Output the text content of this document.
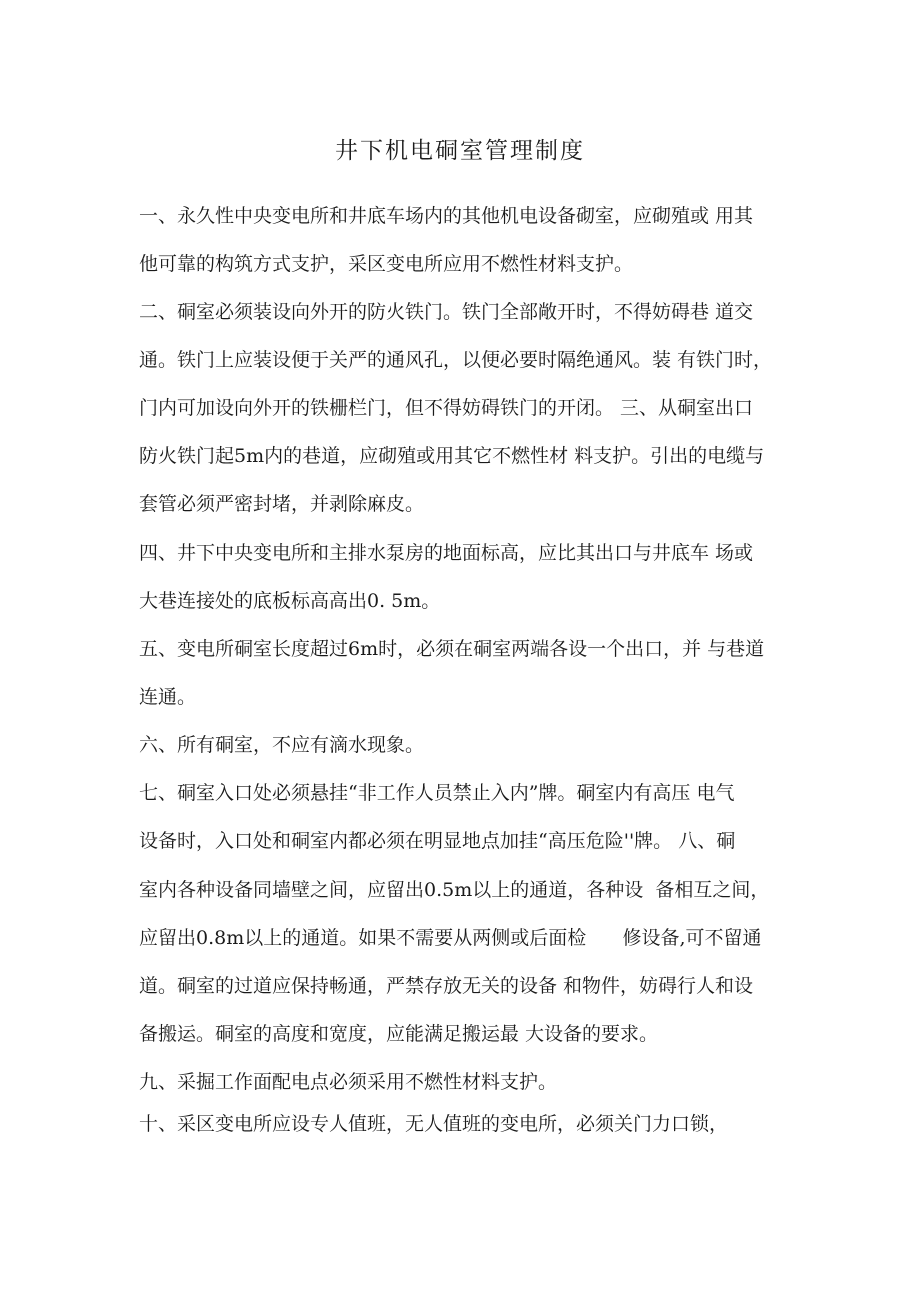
井下机电硐室管理制度

一、永久性中央变电所和井底车场内的其他机电设备砌室，应砌殖或 用其

他可靠的构筑方式支护，采区变电所应用不燃性材料支护。

二、硐室必须装设向外开的防火铁门。铁门全部敞开时，不得妨碍巷 道交

通。铁门上应装设便于关严的通风孔，以便必要时隔绝通风。装 有铁门时，

门内可加设向外开的铁栅栏门，但不得妨碍铁门的开闭。 三、从硐室出口

防火铁门起5m内的巷道，应砌殖或用其它不燃性材 料支护。引出的电缆与

套管必须严密封堵，并剥除麻皮。

四、井下中央变电所和主排水泵房的地面标高，应比其出口与井底车 场或

大巷连接处的底板标高高出0. 5m。

五、变电所硐室长度超过6m时，必须在硐室两端各设一个出口，并 与巷道

连通。

六、所有硐室，不应有滴水现象。

七、硐室入口处必须悬挂“非工作人员禁止入内”牌。硐室内有高压 电气

设备时，入口处和硐室内都必须在明显地点加挂“高压危险''牌。 八、硐

室内各种设备同墙壁之间，应留出0.5m以上的通道，各种设  备相互之间，

应留出0.8m以上的通道。如果不需要从两侧或后面检      修设备,可不留通

道。硐室的过道应保持畅通，严禁存放无关的设备 和物件，妨碍行人和设

备搬运。硐室的高度和宽度，应能满足搬运最 大设备的要求。

九、采掘工作面配电点必须采用不燃性材料支护。

十、采区变电所应设专人值班，无人值班的变电所，必须关门力口锁，
